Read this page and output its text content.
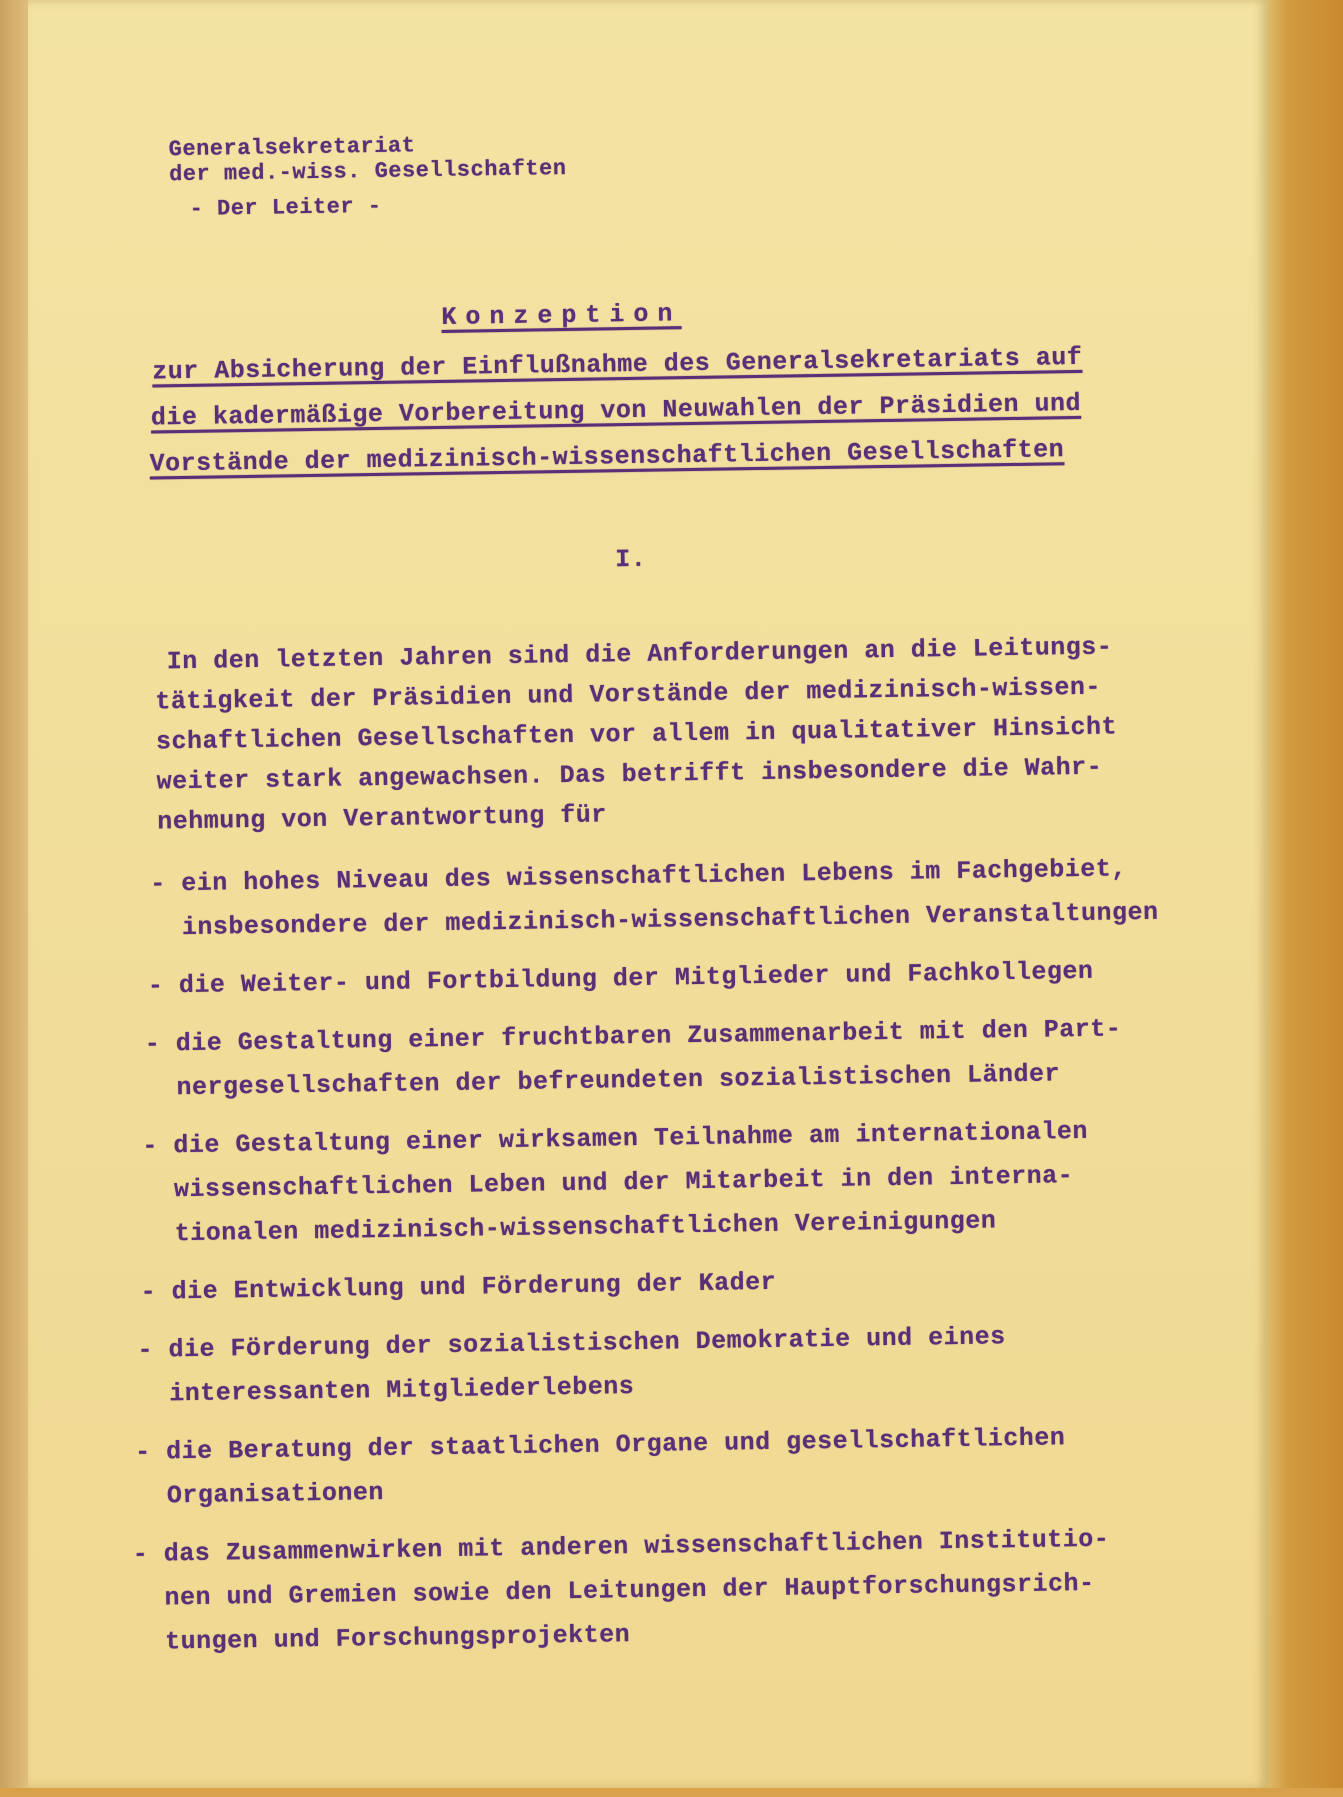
Generalsekretariat
der med.-wiss. Gesellschaften
- Der Leiter -
Konzeption
zur Absicherung der Einflußnahme des Generalsekretariats auf
die kadermäßige Vorbereitung von Neuwahlen der Präsidien und
Vorstände der medizinisch-wissenschaftlichen Gesellschaften
I.
In den letzten Jahren sind die Anforderungen an die Leitungs-
tätigkeit der Präsidien und Vorstände der medizinisch-wissen-
schaftlichen Gesellschaften vor allem in qualitativer Hinsicht
weiter stark angewachsen. Das betrifft insbesondere die Wahr-
nehmung von Verantwortung für
- ein hohes Niveau des wissenschaftlichen Lebens im Fachgebiet,
insbesondere der medizinisch-wissenschaftlichen Veranstaltungen
- die Weiter- und Fortbildung der Mitglieder und Fachkollegen
- die Gestaltung einer fruchtbaren Zusammenarbeit mit den Part-
nergesellschaften der befreundeten sozialistischen Länder
- die Gestaltung einer wirksamen Teilnahme am internationalen
wissenschaftlichen Leben und der Mitarbeit in den interna-
tionalen medizinisch-wissenschaftlichen Vereinigungen
- die Entwicklung und Förderung der Kader
- die Förderung der sozialistischen Demokratie und eines
interessanten Mitgliederlebens
- die Beratung der staatlichen Organe und gesellschaftlichen
Organisationen
- das Zusammenwirken mit anderen wissenschaftlichen Institutio-
nen und Gremien sowie den Leitungen der Hauptforschungsrich-
tungen und Forschungsprojekten
